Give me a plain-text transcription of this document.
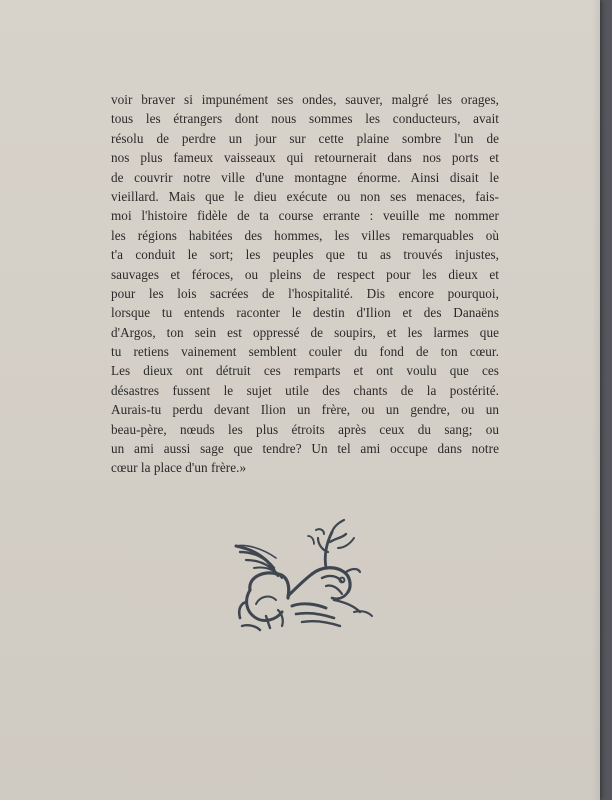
voir braver si impunément ses ondes, sauver, malgré les orages,
tous les étrangers dont nous sommes les conducteurs, avait
résolu de perdre un jour sur cette plaine sombre l'un de
nos plus fameux vaisseaux qui retournerait dans nos ports et
de couvrir notre ville d'une montagne énorme. Ainsi disait le
vieillard. Mais que le dieu exécute ou non ses menaces, fais-
moi l'histoire fidèle de ta course errante : veuille me nommer
les régions habitées des hommes, les villes remarquables où
t'a conduit le sort; les peuples que tu as trouvés injustes,
sauvages et féroces, ou pleins de respect pour les dieux et
pour les lois sacrées de l'hospitalité. Dis encore pourquoi,
lorsque tu entends raconter le destin d'Ilion et des Danaëns
d'Argos, ton sein est oppressé de soupirs, et les larmes que
tu retiens vainement semblent couler du fond de ton cœur.
Les dieux ont détruit ces remparts et ont voulu que ces
désastres fussent le sujet utile des chants de la postérité.
Aurais-tu perdu devant Ilion un frère, ou un gendre, ou un
beau-père, nœuds les plus étroits après ceux du sang; ou
un ami aussi sage que tendre? Un tel ami occupe dans notre
cœur la place d'un frère.»
